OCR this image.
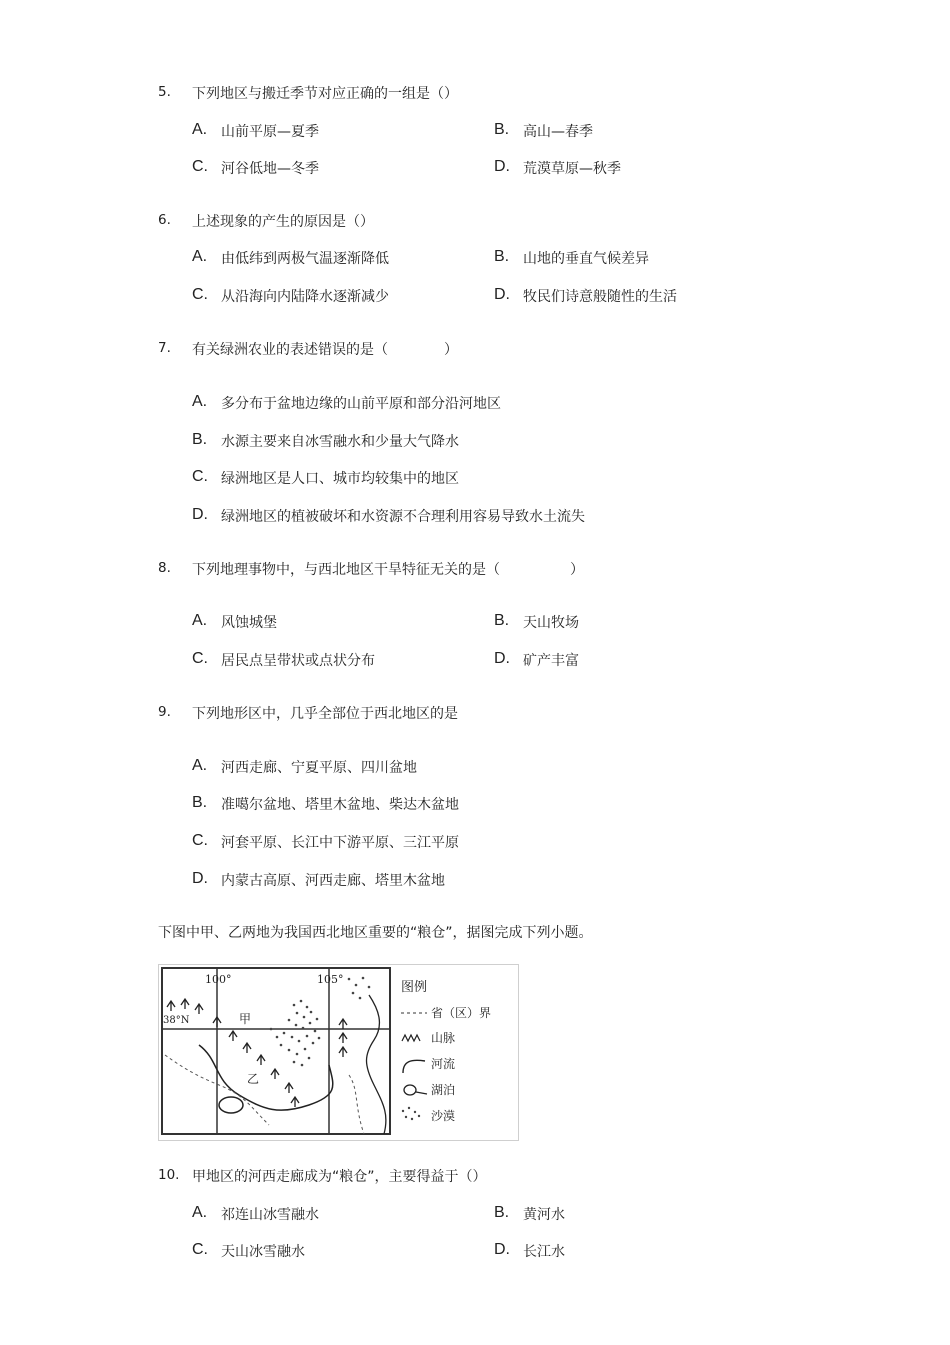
5. 下列地区与搬迁季节对应正确的一组是（）
A. 山前平原—夏季	B. 高山—春季
C. 河谷低地—冬季	D. 荒漠草原—秋季
6. 上述现象的产生的原因是（）
A. 由低纬到两极气温逐渐降低	B. 山地的垂直气候差异
C. 从沿海向内陆降水逐渐减少	D. 牧民们诗意般随性的生活
7. 有关绿洲农业的表述错误的是（　　　　）
A. 多分布于盆地边缘的山前平原和部分沿河地区
B. 水源主要来自冰雪融水和少量大气降水
C. 绿洲地区是人口、城市均较集中的地区
D. 绿洲地区的植被破坏和水资源不合理利用容易导致水土流失
8. 下列地理事物中，与西北地区干旱特征无关的是（　　　　　）
A. 风蚀城堡	B. 天山牧场
C. 居民点呈带状或点状分布	D. 矿产丰富
9. 下列地形区中，几乎全部位于西北地区的是
A. 河西走廊、宁夏平原、四川盆地
B. 准噶尔盆地、塔里木盆地、柴达木盆地
C. 河套平原、长江中下游平原、三江平原
D. 内蒙古高原、河西走廊、塔里木盆地
下图中甲、乙两地为我国西北地区重要的“粮仓”，据图完成下列小题。
100°	105°
38°N	甲
乙
图例
省（区）界
山脉
河流
湖泊
沙漠
10. 甲地区的河西走廊成为“粮仓”，主要得益于（）
A. 祁连山冰雪融水	B. 黄河水
C. 天山冰雪融水	D. 长江水
